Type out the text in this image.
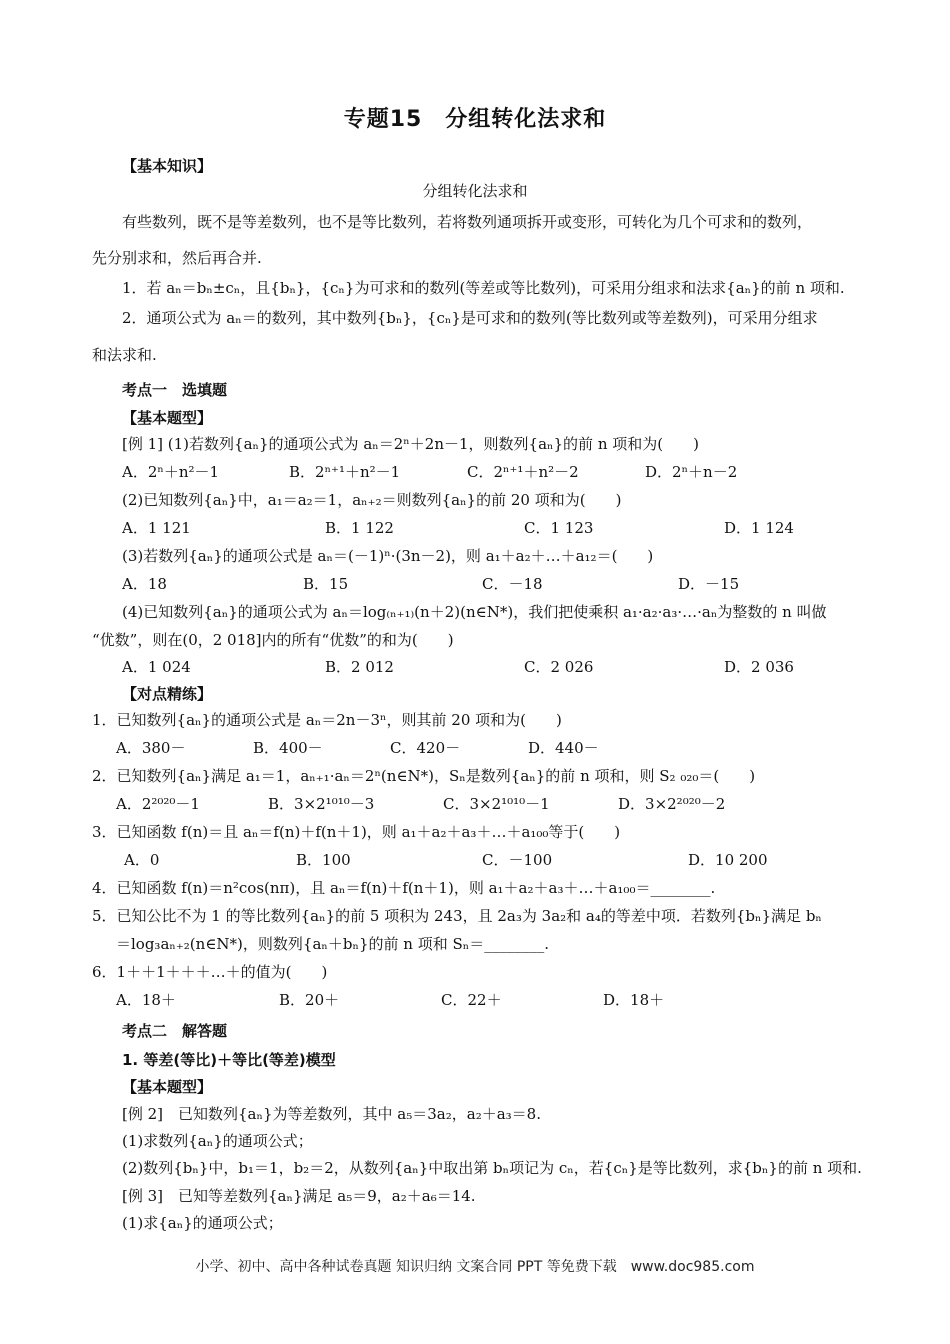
专题15　分组转化法求和
【基本知识】
分组转化法求和
有些数列，既不是等差数列，也不是等比数列，若将数列通项拆开或变形，可转化为几个可求和的数列，
先分别求和，然后再合并.
1．若 aₙ＝bₙ±cₙ，且{bₙ}，{cₙ}为可求和的数列(等差或等比数列)，可采用分组求和法求{aₙ}的前 n 项和.
2．通项公式为 aₙ＝的数列，其中数列{bₙ}，{cₙ}是可求和的数列(等比数列或等差数列)，可采用分组求
和法求和.
考点一　选填题
【基本题型】
[例 1] (1)若数列{aₙ}的通项公式为 aₙ＝2ⁿ＋2n－1，则数列{aₙ}的前 n 项和为(　　)
A．2ⁿ＋n²－1	B．2ⁿ⁺¹＋n²－1	C．2ⁿ⁺¹＋n²－2	D．2ⁿ＋n－2
(2)已知数列{aₙ}中，a₁＝a₂＝1，aₙ₊₂＝则数列{aₙ}的前 20 项和为(　　)
A．1 121	B．1 122	C．1 123	D．1 124
(3)若数列{aₙ}的通项公式是 aₙ＝(－1)ⁿ·(3n－2)，则 a₁＋a₂＋…＋a₁₂＝(　　)
A．18	B．15	C．－18	D．－15
(4)已知数列{aₙ}的通项公式为 aₙ＝log₍ₙ₊₁₎(n＋2)(n∈N*)，我们把使乘积 a₁·a₂·a₃·…·aₙ为整数的 n 叫做
“优数”，则在(0，2 018]内的所有“优数”的和为(　　)
A．1 024	B．2 012	C．2 026	D．2 036
【对点精练】
1．已知数列{aₙ}的通项公式是 aₙ＝2n－3ⁿ，则其前 20 项和为(　　)
A．380－	B．400－	C．420－	D．440－
2．已知数列{aₙ}满足 a₁＝1，aₙ₊₁·aₙ＝2ⁿ(n∈N*)，Sₙ是数列{aₙ}的前 n 项和，则 S₂ ₀₂₀＝(　　)
A．2²⁰²⁰－1	B．3×2¹⁰¹⁰－3	C．3×2¹⁰¹⁰－1	D．3×2²⁰²⁰－2
3．已知函数 f(n)＝且 aₙ＝f(n)＋f(n＋1)，则 a₁＋a₂＋a₃＋…＋a₁₀₀等于(　　)
A．0	B．100	C．－100	D．10 200
4．已知函数 f(n)＝n²cos(nπ)，且 aₙ＝f(n)＋f(n＋1)，则 a₁＋a₂＋a₃＋…＋a₁₀₀＝________.
5．已知公比不为 1 的等比数列{aₙ}的前 5 项积为 243，且 2a₃为 3a₂和 a₄的等差中项．若数列{bₙ}满足 bₙ
＝log₃aₙ₊₂(n∈N*)，则数列{aₙ＋bₙ}的前 n 项和 Sₙ＝________.
6．1＋＋1＋＋＋…＋的值为(　　)
A．18＋	B．20＋	C．22＋	D．18＋
考点二　解答题
1. 等差(等比)＋等比(等差)模型
【基本题型】
[例 2]　已知数列{aₙ}为等差数列，其中 a₅＝3a₂，a₂＋a₃＝8.
(1)求数列{aₙ}的通项公式；
(2)数列{bₙ}中，b₁＝1，b₂＝2，从数列{aₙ}中取出第 bₙ项记为 cₙ，若{cₙ}是等比数列，求{bₙ}的前 n 项和.
[例 3]　已知等差数列{aₙ}满足 a₅＝9，a₂＋a₆＝14.
(1)求{aₙ}的通项公式；
小学、初中、高中各种试卷真题 知识归纳 文案合同 PPT 等免费下载　www.doc985.com
